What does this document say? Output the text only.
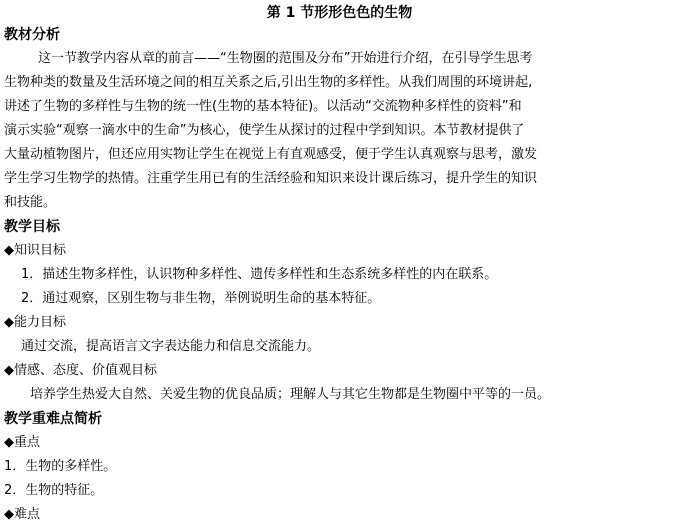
第 1 节形形色色的生物
教材分析
这一节教学内容从章的前言——“生物圈的范围及分布”开始进行介绍，在引导学生思考
生物种类的数量及生活环境之间的相互关系之后,引出生物的多样性。从我们周围的环境讲起,
讲述了生物的多样性与生物的统一性(生物的基本特征)。以活动“交流物种多样性的资料”和
演示实验“观察一滴水中的生命”为核心，使学生从探讨的过程中学到知识。本节教材提供了
大量动植物图片，但还应用实物让学生在视觉上有直观感受，便于学生认真观察与思考，激发
学生学习生物学的热情。注重学生用已有的生活经验和知识来设计课后练习，提升学生的知识
和技能。
教学目标
◆ 知识目标
1．描述生物多样性，认识物种多样性、遗传多样性和生态系统多样性的内在联系。
2．通过观察，区别生物与非生物，举例说明生命的基本特征。
◆ 能力目标
通过交流，提高语言文字表达能力和信息交流能力。
◆ 情感、态度、价值观目标
培养学生热爱大自然、关爱生物的优良品质；理解人与其它生物都是生物圈中平等的一员。
教学重难点简析
◆ 重点
1．生物的多样性。
2．生物的特征。
◆ 难点
